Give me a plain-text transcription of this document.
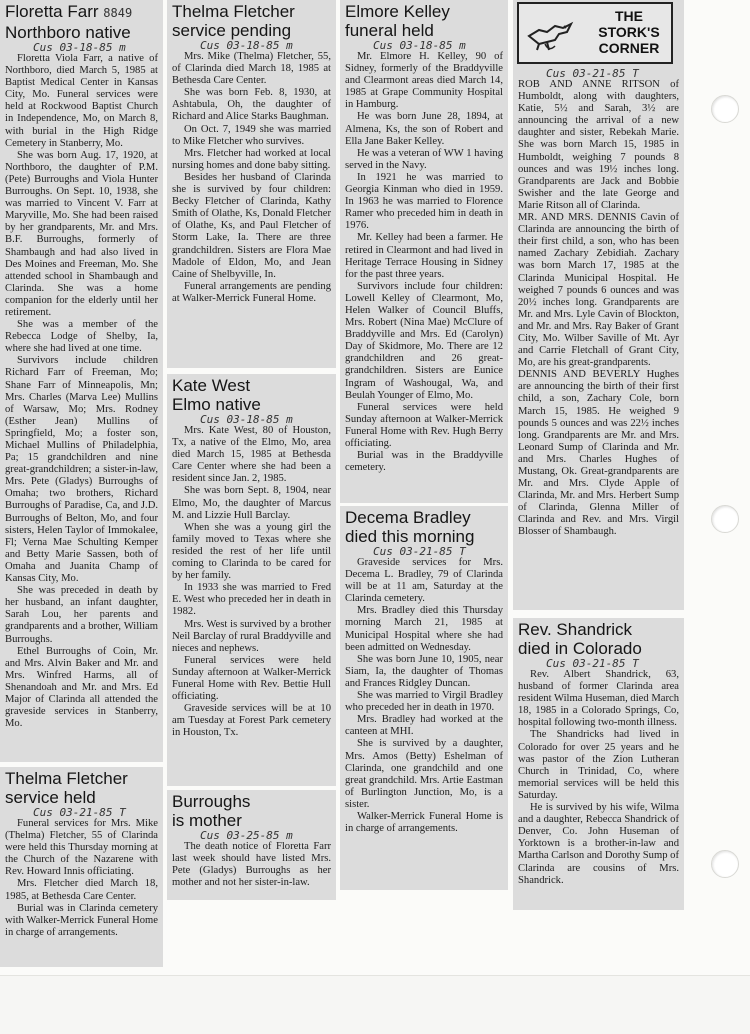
Floretta Farr 8849
Northboro native
Cus 03-18-85 m

Floretta Viola Farr, a native of Northboro, died March 5, 1985 at Baptist Medical Center in Kansas City, Mo. Funeral services were held at Rockwood Baptist Church in Independence, Mo, on March 8, with burial in the High Ridge Cemetery in Stanberry, Mo.

She was born Aug. 17, 1920, at Northboro, the daughter of P.M. (Pete) Burroughs and Viola Hunter Burroughs. On Sept. 10, 1938, she was married to Vincent V. Farr at Maryville, Mo. She had been raised by her grandparents, Mr. and Mrs. B.F. Burroughs, formerly of Shambaugh and had also lived in Des Moines and Freeman, Mo. She attended school in Shambaugh and Clarinda. She was a home companion for the elderly until her retirement.

She was a member of the Rebecca Lodge of Shelby, Ia, where she had lived at one time.

Survivors include children Richard Farr of Freeman, Mo; Shane Farr of Minneapolis, Mn; Mrs. Charles (Marva Lee) Mullins of Warsaw, Mo; Mrs. Rodney (Esther Jean) Mullins of Springfield, Mo; a foster son, Michael Mullins of Philadelphia, Pa; 15 grandchildren and nine great-grandchildren; a sister-in-law, Mrs. Pete (Gladys) Burroughs of Omaha; two brothers, Richard Burroughs of Paradise, Ca, and J.D. Burroughs of Belton, Mo, and four sisters, Helen Taylor of Immokalee, Fl; Verna Mae Schulting Kemper and Betty Marie Sassen, both of Omaha and Juanita Champ of Kansas City, Mo.

She was preceded in death by her husband, an infant daughter, Sarah Lou, her parents and grandparents and a brother, William Burroughs.

Ethel Burroughs of Coin, Mr. and Mrs. Alvin Baker and Mr. and Mrs. Winfred Harms, all of Shenandoah and Mr. and Mrs. Ed Major of Clarinda all attended the graveside services in Stanberry, Mo.

Thelma Fletcher
service pending
Cus 03-18-85 m

Mrs. Mike (Thelma) Fletcher, 55, of Clarinda died March 18, 1985 at Bethesda Care Center.

She was born Feb. 8, 1930, at Ashtabula, Oh, the daughter of Richard and Alice Starks Baughman.

On Oct. 7, 1949 she was married to Mike Fletcher who survives.

Mrs. Fletcher had worked at local nursing homes and done baby sitting.

Besides her husband of Clarinda she is survived by four children: Becky Fletcher of Clarinda, Kathy Smith of Olathe, Ks, Donald Fletcher of Olathe, Ks, and Paul Fletcher of Storm Lake, Ia. There are three grandchildren. Sisters are Flora Mae Madole of Eldon, Mo, and Jean Caine of Shelbyville, In.

Funeral arrangements are pending at Walker-Merrick Funeral Home.

Kate West
Elmo native
Cus 03-18-85 m

Mrs. Kate West, 80 of Houston, Tx, a native of the Elmo, Mo, area died March 15, 1985 at Bethesda Care Center where she had been a resident since Jan. 2, 1985.

She was born Sept. 8, 1904, near Elmo, Mo, the daughter of Marcus M. and Lizzie Hull Barclay.

When she was a young girl the family moved to Texas where she resided the rest of her life until coming to Clarinda to be cared for by her family.

In 1933 she was married to Fred E. West who preceded her in death in 1982.

Mrs. West is survived by a brother Neil Barclay of rural Braddyville and nieces and nephews.

Funeral services were held Sunday afternoon at Walker-Merrick Funeral Home with Rev. Bettie Hull officiating.

Graveside services will be at 10 am Tuesday at Forest Park cemetery in Houston, Tx.

Elmore Kelley
funeral held
Cus 03-18-85 m

Mr. Elmore H. Kelley, 90 of Sidney, formerly of the Braddyville and Clearmont areas died March 14, 1985 at Grape Community Hospital in Hamburg.

He was born June 28, 1894, at Almena, Ks, the son of Robert and Ella Jane Baker Kelley.

He was a veteran of WW 1 having served in the Navy.

In 1921 he was married to Georgia Kinman who died in 1959. In 1963 he was married to Florence Ramer who preceded him in death in 1976.

Mr. Kelley had been a farmer. He retired in Clearmont and had lived in Heritage Terrace Housing in Sidney for the past three years.

Survivors include four children: Lowell Kelley of Clearmont, Mo, Helen Walker of Council Bluffs, Mrs. Robert (Nina Mae) McClure of Braddyville and Mrs. Ed (Carolyn) Day of Skidmore, Mo. There are 12 grandchildren and 26 great-grandchildren. Sisters are Eunice Ingram of Washougal, Wa, and Beulah Younger of Elmo, Mo.

Funeral services were held Sunday afternoon at Walker-Merrick Funeral Home with Rev. Hugh Berry officiating.

Burial was in the Braddyville cemetery.

Decema Bradley
died this morning
Cus 03-21-85 T

Graveside services for Mrs. Decema L. Bradley, 79 of Clarinda will be at 11 am, Saturday at the Clarinda cemetery.

Mrs. Bradley died this Thursday morning March 21, 1985 at Municipal Hospital where she had been admitted on Wednesday.

She was born June 10, 1905, near Siam, Ia, the daughter of Thomas and Frances Ridgley Duncan.

She was married to Virgil Bradley who preceded her in death in 1970.

Mrs. Bradley had worked at the canteen at MHI.

She is survived by a daughter, Mrs. Amos (Betty) Eshelman of Clarinda, one grandchild and one great grandchild. Mrs. Artie Eastman of Burlington Junction, Mo, is a sister.

Walker-Merrick Funeral Home is in charge of arrangements.

Thelma Fletcher
service held
Cus 03-21-85 T

Funeral services for Mrs. Mike (Thelma) Fletcher, 55 of Clarinda were held this Thursday morning at the Church of the Nazarene with Rev. Howard Innis officiating.

Mrs. Fletcher died March 18, 1985, at Bethesda Care Center.

Burial was in Clarinda cemetery with Walker-Merrick Funeral Home in charge of arrangements.

Burroughs
is mother
Cus 03-25-85 m

The death notice of Floretta Farr last week should have listed Mrs. Pete (Gladys) Burroughs as her mother and not her sister-in-law.

Cus 03-21-85 T

ROB AND ANNE RITSON of Humboldt, along with daughters, Katie, 5½ and Sarah, 3½ are announcing the arrival of a new daughter and sister, Rebekah Marie. She was born March 15, 1985 in Humboldt, weighing 7 pounds 8 ounces and was 19½ inches long. Grandparents are Jack and Bobbie Swisher and the late George and Marie Ritson all of Clarinda.

MR. AND MRS. DENNIS Cavin of Clarinda are announcing the birth of their first child, a son, who has been named Zachary Zebidiah. Zachary was born March 17, 1985 at the Clarinda Municipal Hospital. He weighed 7 pounds 6 ounces and was 20½ inches long. Grandparents are Mr. and Mrs. Lyle Cavin of Blockton, and Mr. and Mrs. Ray Baker of Grant City, Mo. Wilber Saville of Mt. Ayr and Carrie Fletchall of Grant City, Mo, are his great-grandparents.

DENNIS AND BEVERLY Hughes are announcing the birth of their first child, a son, Zachary Cole, born March 15, 1985. He weighed 9 pounds 5 ounces and was 22½ inches long. Grandparents are Mr. and Mrs. Leonard Sump of Clarinda and Mr. and Mrs. Charles Hughes of Mustang, Ok. Great-grandparents are Mr. and Mrs. Clyde Apple of Clarinda, Mr. and Mrs. Herbert Sump of Clarinda, Glenna Miller of Clarinda and Rev. and Mrs. Virgil Blosser of Shambaugh.

THE
STORK'S
CORNER
Rev. Shandrick
died in Colorado
Cus 03-21-85 T

Rev. Albert Shandrick, 63, husband of former Clarinda area resident Wilma Huseman, died March 18, 1985 in a Colorado Springs, Co, hospital following two-month illness.

The Shandricks had lived in Colorado for over 25 years and he was pastor of the Zion Lutheran Church in Trinidad, Co, where memorial services will be held this Saturday.

He is survived by his wife, Wilma and a daughter, Rebecca Shandrick of Denver, Co. John Huseman of Yorktown is a brother-in-law and Martha Carlson and Dorothy Sump of Clarinda are cousins of Mrs. Shandrick.
